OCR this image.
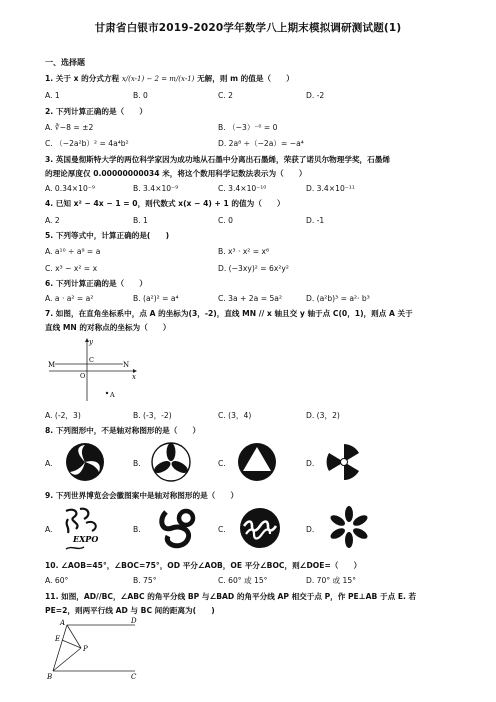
甘肃省白银市2019-2020学年数学八上期末模拟调研测试题(1)
一、选择题
1. 关于 x 的分式方程 x/(x-1) − 2 = m/(x-1) 无解，则 m 的值是（　　）
A. 1	B. 0	C. 2	D. -2
2. 下列计算正确的是（　　）
A. ∛−8 = ±2	B. （−3）⁻⁰ = 0
C. （−2a²b）² = 4a⁴b²	D. 2a⁸ ÷（−2a）= −a⁴
3. 英国曼彻斯特大学的两位科学家因为成功地从石墨中分离出石墨烯，荣获了诺贝尔物理学奖，石墨烯
的理论厚度仅 0.00000000034 米，将这个数用科学记数法表示为（　　）
A. 0.34×10⁻⁹	B. 3.4×10⁻⁹	C. 3.4×10⁻¹⁰	D. 3.4×10⁻¹¹
4. 已知 x² − 4x − 1 = 0，则代数式 x(x − 4) + 1 的值为（　　）
A. 2	B. 1	C. 0	D. -1
5. 下列等式中，计算正确的是(　　)
A. a¹⁰ ÷ a⁹ = a	B. x³ · x² = x⁶
C. x³ − x² = x	D. (−3xy)² = 6x²y²
6. 下列计算正确的是（　　）
A. a · a² = a²	B. (a²)² = a⁴	C. 3a + 2a = 5a²	D. (a²b)³ = a²· b³
7. 如图，在直角坐标系中，点 A 的坐标为(3，-2)，直线 MN // x 轴且交 y 轴于点 C(0，1)，则点 A 关于
直线 MN 的对称点的坐标为（　　）
y
x
M	N
C
O
A
A. (-2，3)	B. (-3，-2)	C. (3，4)	D. (3，2)
8. 下列图形中，不是轴对称图形的是（　　）
A.	B.	C.	D.
9. 下列世界博览会会徽图案中是轴对称图形的是（　　）
A.
EXPO
B.	C.	D.
10. ∠AOB=45°，∠BOC=75°，OD 平分∠AOB，OE 平分∠BOC，则∠DOE=（　　）
A. 60°	B. 75°	C. 60° 或 15°	D. 70° 或 15°
11. 如图，AD//BC，∠ABC 的角平分线 BP 与∠BAD 的角平分线 AP 相交于点 P，作 PE⊥AB 于点 E. 若
PE=2，则两平行线 AD 与 BC 间的距离为(　　)
A	D
E
P
B	C
